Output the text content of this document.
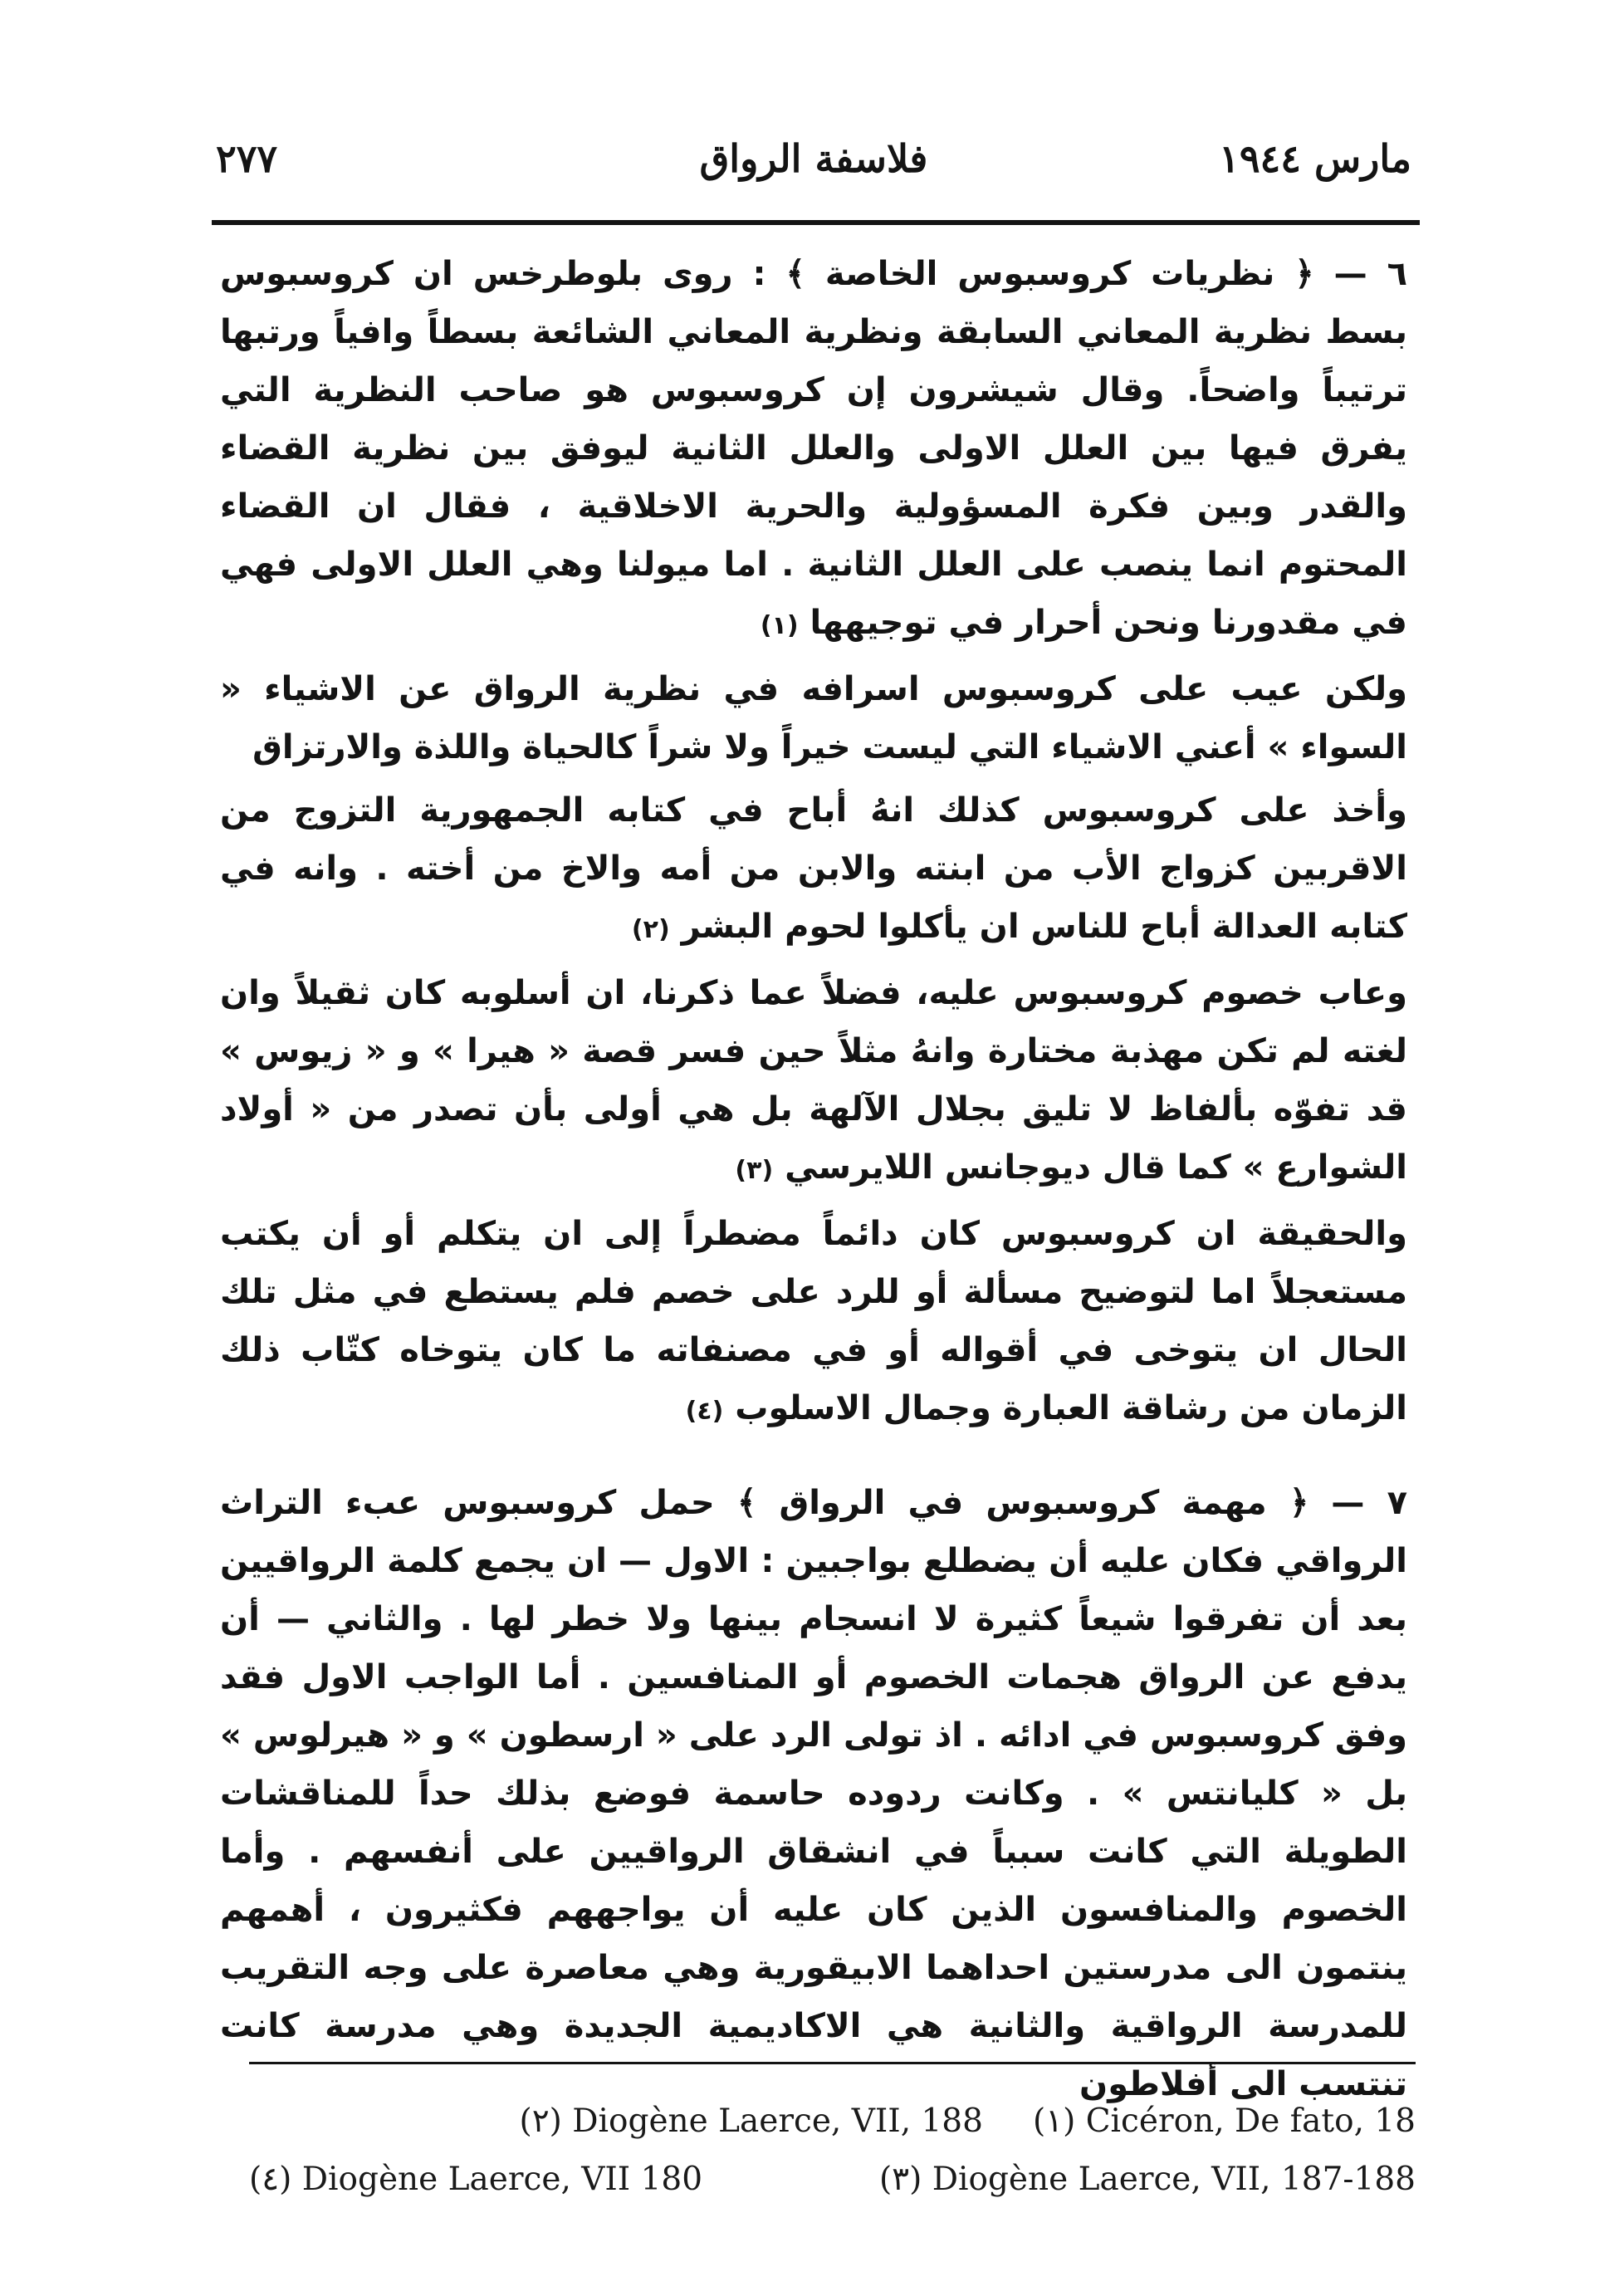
مارس ١٩٤٤
فلاسفة الرواق
٢٧٧

٦ — ﴿ نظريات كروسبوس الخاصة ﴾ : روى بلوطرخس ان كروسبوس بسط نظرية المعاني السابقة ونظرية المعاني الشائعة بسطاً وافياً ورتبها ترتيباً واضحاً. وقال شيشرون إن كروسبوس هو صاحب النظرية التي يفرق فيها بين العلل الاولى والعلل الثانية ليوفق بين نظرية القضاء والقدر وبين فكرة المسؤولية والحرية الاخلاقية ، فقال ان القضاء المحتوم انما ينصب على العلل الثانية . اما ميولنا وهي العلل الاولى فهي في مقدورنا ونحن أحرار في توجيهها (١)

ولكن عيب على كروسبوس اسرافه في نظرية الرواق عن الاشياء « السواء » أعني الاشياء التي ليست خيراً ولا شراً كالحياة واللذة والارتزاق

وأخذ على كروسبوس كذلك انهُ أباح في كتابه الجمهورية التزوج من الاقربين كزواج الأب من ابنته والابن من أمه والاخ من أخته . وانه في كتابه العدالة أباح للناس ان يأكلوا لحوم البشر (٢)

وعاب خصوم كروسبوس عليه، فضلاً عما ذكرنا، ان أسلوبه كان ثقيلاً وان لغته لم تكن مهذبة مختارة وانهُ مثلاً حين فسر قصة « هيرا » و « زيوس » قد تفوّه بألفاظ لا تليق بجلال الآلهة بل هي أولى بأن تصدر من « أولاد الشوارع » كما قال ديوجانس اللايرسي (٣)

والحقيقة ان كروسبوس كان دائماً مضطراً إلى ان يتكلم أو أن يكتب مستعجلاً اما لتوضيح مسألة أو للرد على خصم فلم يستطع في مثل تلك الحال ان يتوخى في أقواله أو في مصنفاته ما كان يتوخاه كتّاب ذلك الزمان من رشاقة العبارة وجمال الاسلوب (٤)

٧ — ﴿ مهمة كروسبوس في الرواق ﴾ حمل كروسبوس عبء التراث الرواقي فكان عليه أن يضطلع بواجبين : الاول — ان يجمع كلمة الرواقيين بعد أن تفرقوا شيعاً كثيرة لا انسجام بينها ولا خطر لها . والثاني — أن يدفع عن الرواق هجمات الخصوم أو المنافسين . أما الواجب الاول فقد وفق كروسبوس في ادائه . اذ تولى الرد على « ارسطون » و « هيرلوس » بل « كليانتس » . وكانت ردوده حاسمة فوضع بذلك حداً للمناقشات الطويلة التي كانت سبباً في انشقاق الرواقيين على أنفسهم . وأما الخصوم والمنافسون الذين كان عليه أن يواجههم فكثيرون ، أهمهم ينتمون الى مدرستين احداهما الابيقورية وهي معاصرة على وجه التقريب للمدرسة الرواقية والثانية هي الاكاديمية الجديدة وهي مدرسة كانت تنتسب الى أفلاطون

(١) Cicéron, De fato, 18
(٢) Diogène Laerce, VII, 188
(٣) Diogène Laerce, VII, 187-188
(٤) Diogène Laerce, VII 180
